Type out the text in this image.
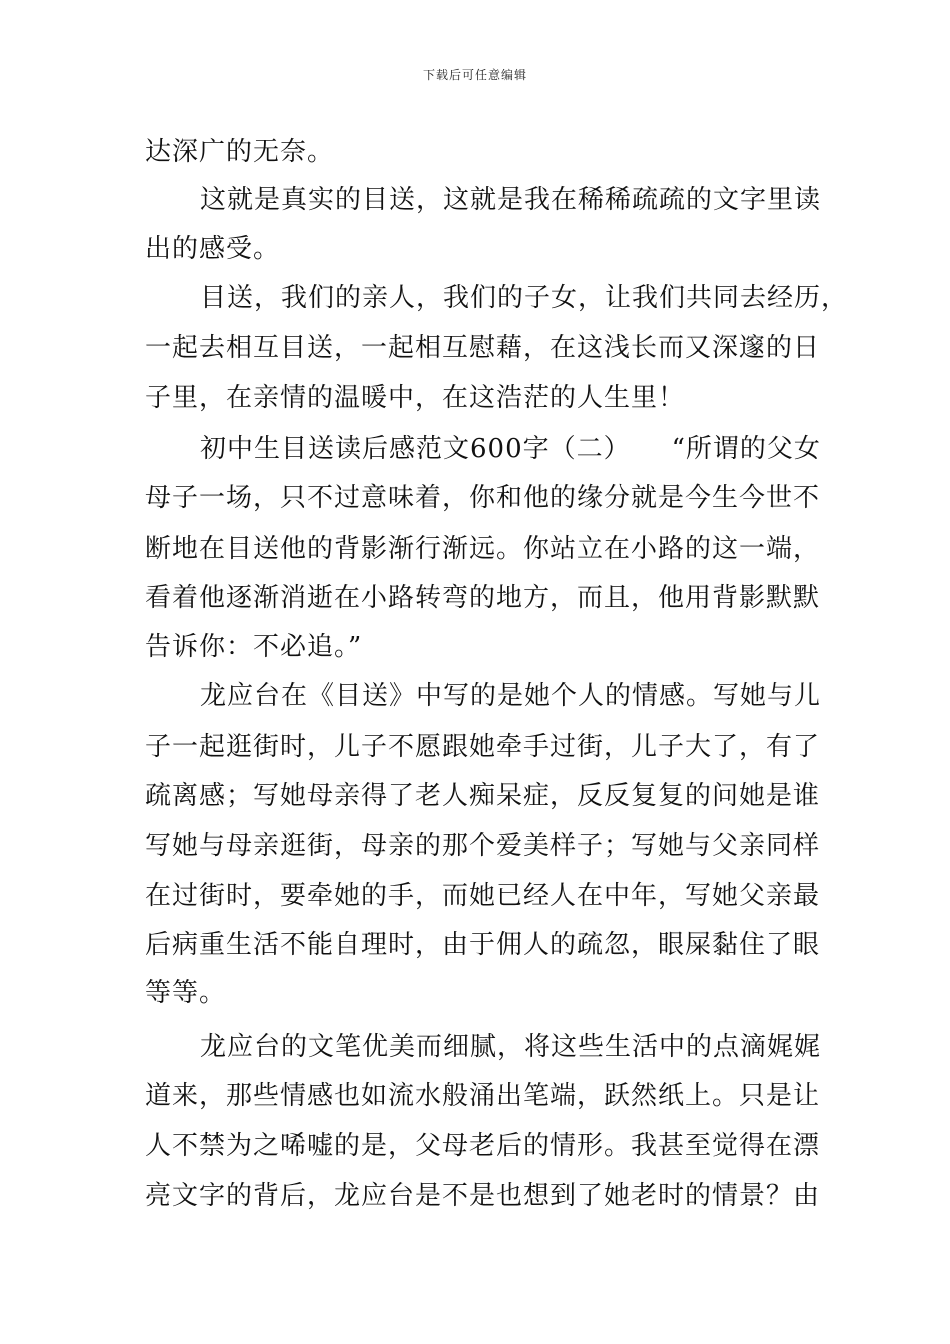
下载后可任意编辑
达深广的无奈。
这就是真实的目送，这就是我在稀稀疏疏的文字里读
出的感受。
目送，我们的亲人，我们的子女，让我们共同去经历，
一起去相互目送，一起相互慰藉，在这浅长而又深邃的日
子里，在亲情的温暖中，在这浩茫的人生里！
初中生目送读后感范文600字（二）　　“所谓的父女
母子一场，只不过意味着，你和他的缘分就是今生今世不
断地在目送他的背影渐行渐远。你站立在小路的这一端，
看着他逐渐消逝在小路转弯的地方，而且，他用背影默默
告诉你：不必追。”
龙应台在《目送》中写的是她个人的情感。写她与儿
子一起逛街时，儿子不愿跟她牵手过街，儿子大了，有了
疏离感；写她母亲得了老人痴呆症，反反复复的问她是谁
写她与母亲逛街，母亲的那个爱美样子；写她与父亲同样
在过街时，要牵她的手，而她已经人在中年，写她父亲最
后病重生活不能自理时，由于佣人的疏忽，眼屎黏住了眼
等等。
龙应台的文笔优美而细腻，将这些生活中的点滴娓娓
道来，那些情感也如流水般涌出笔端，跃然纸上。只是让
人不禁为之唏嘘的是，父母老后的情形。我甚至觉得在漂
亮文字的背后，龙应台是不是也想到了她老时的情景？由
